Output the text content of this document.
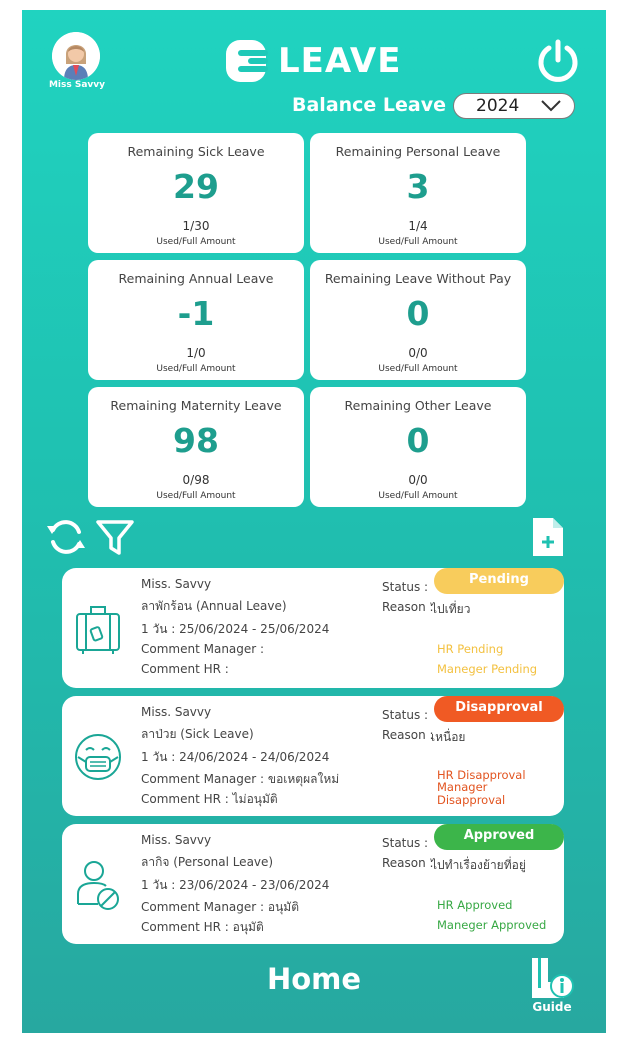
Miss Savvy
LEAVE
Balance Leave 2024
Remaining Sick Leave
29
1/30
Used/Full Amount
Remaining Personal Leave
3
1/4
Used/Full Amount
Remaining Annual Leave
-1
1/0
Used/Full Amount
Remaining Leave Without Pay
0
0/0
Used/Full Amount
Remaining Maternity Leave
98
0/98
Used/Full Amount
Remaining Other Leave
0
0/0
Used/Full Amount
Miss. Savvy
ลาพักร้อน (Annual Leave)
1 วัน : 25/06/2024 - 25/06/2024
Comment Manager :
Comment HR :
Status :
Reason :
ไปเที่ยว
Pending
HR Pending
Maneger Pending
Miss. Savvy
ลาป่วย (Sick Leave)
1 วัน : 24/06/2024 - 24/06/2024
Comment Manager : ขอเหตุผลใหม่
Comment HR : ไม่อนุมัติ
Status :
Reason :
เหนื่อย
Disapproval
HR Disapproval
Manager Disapproval
Miss. Savvy
ลากิจ (Personal Leave)
1 วัน : 23/06/2024 - 23/06/2024
Comment Manager : อนุมัติ
Comment HR : อนุมัติ
Status :
Reason :
ไปทำเรื่องย้ายที่อยู่
Approved
HR Approved
Maneger Approved
Home
Guide
